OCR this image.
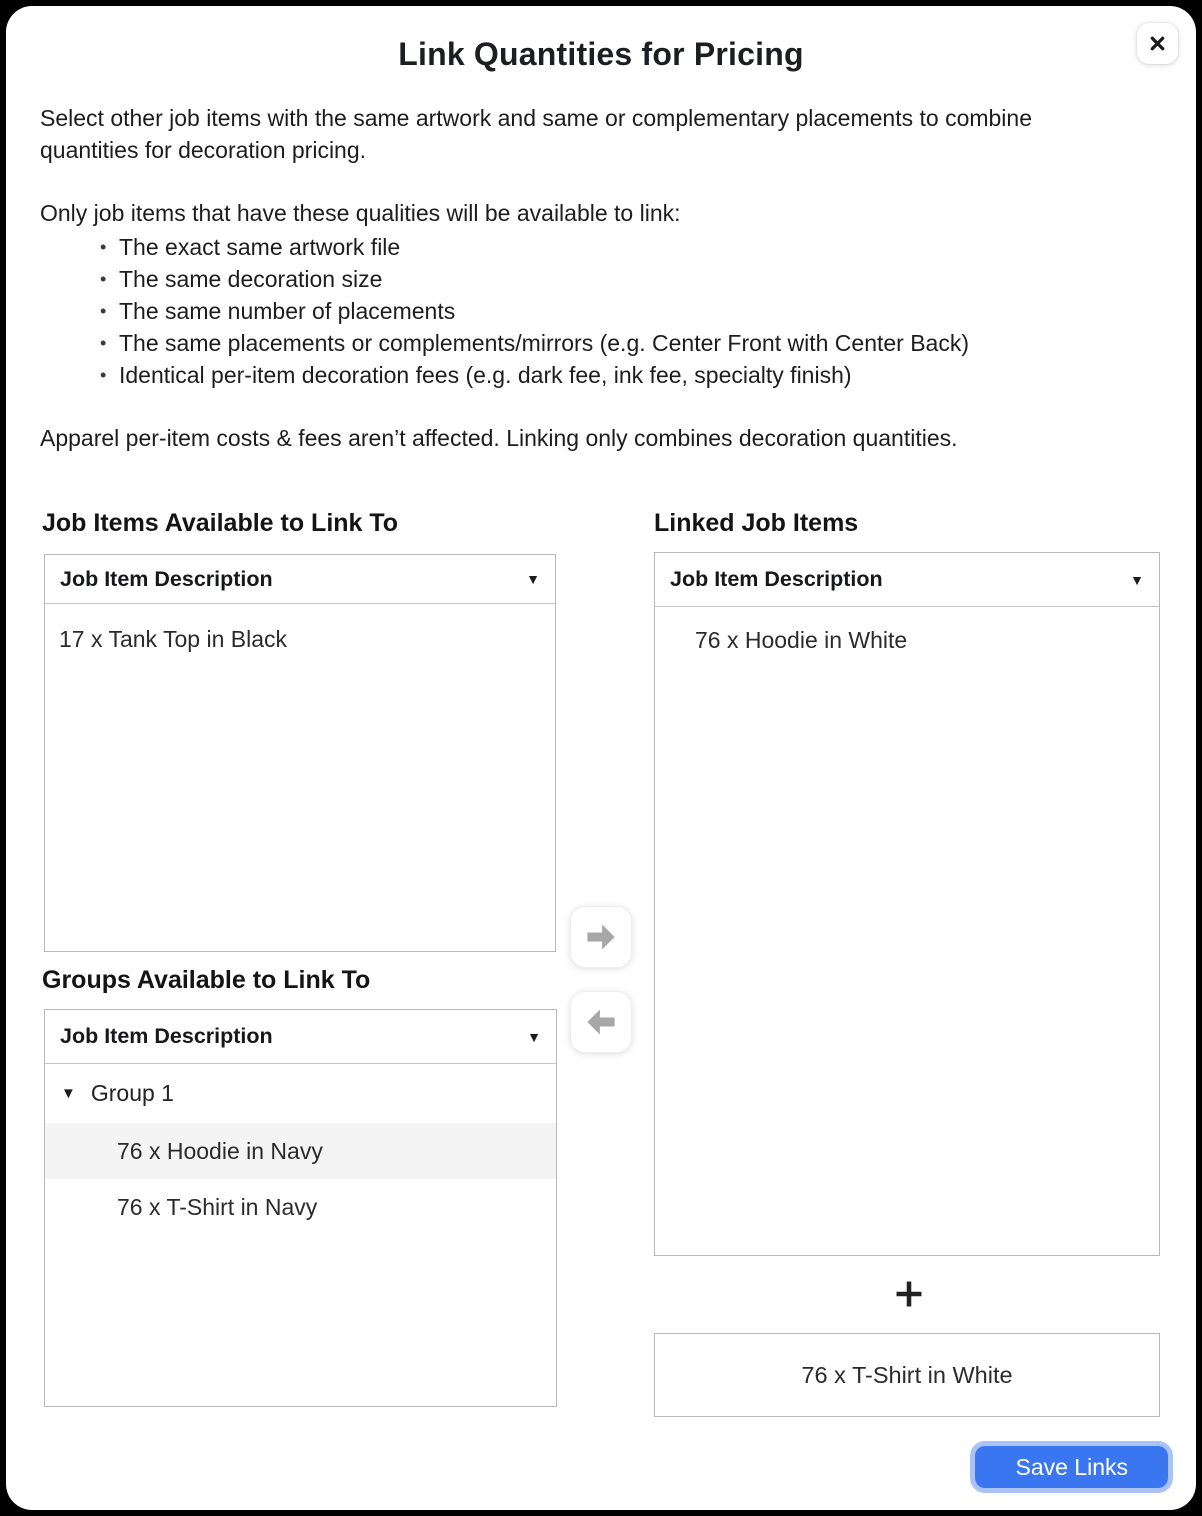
Link Quantities for Pricing

Select other job items with the same artwork and same or complementary placements to combine quantities for decoration pricing.

Only job items that have these qualities will be available to link:

• The exact same artwork file
• The same decoration size
• The same number of placements
• The same placements or complements/mirrors (e.g. Center Front with Center Back)
• Identical per-item decoration fees (e.g. dark fee, ink fee, specialty finish)

Apparel per-item costs & fees aren’t affected. Linking only combines decoration quantities.

Job Items Available to Link To
Job Item Description	▼
17 x Tank Top in Black
Linked Job Items
Job Item Description	▼
76 x Hoodie in White
Groups Available to Link To
Job Item Description	▼
▼ Group 1
76 x Hoodie in Navy
76 x T-Shirt in Navy
76 x T-Shirt in White
Save Links
